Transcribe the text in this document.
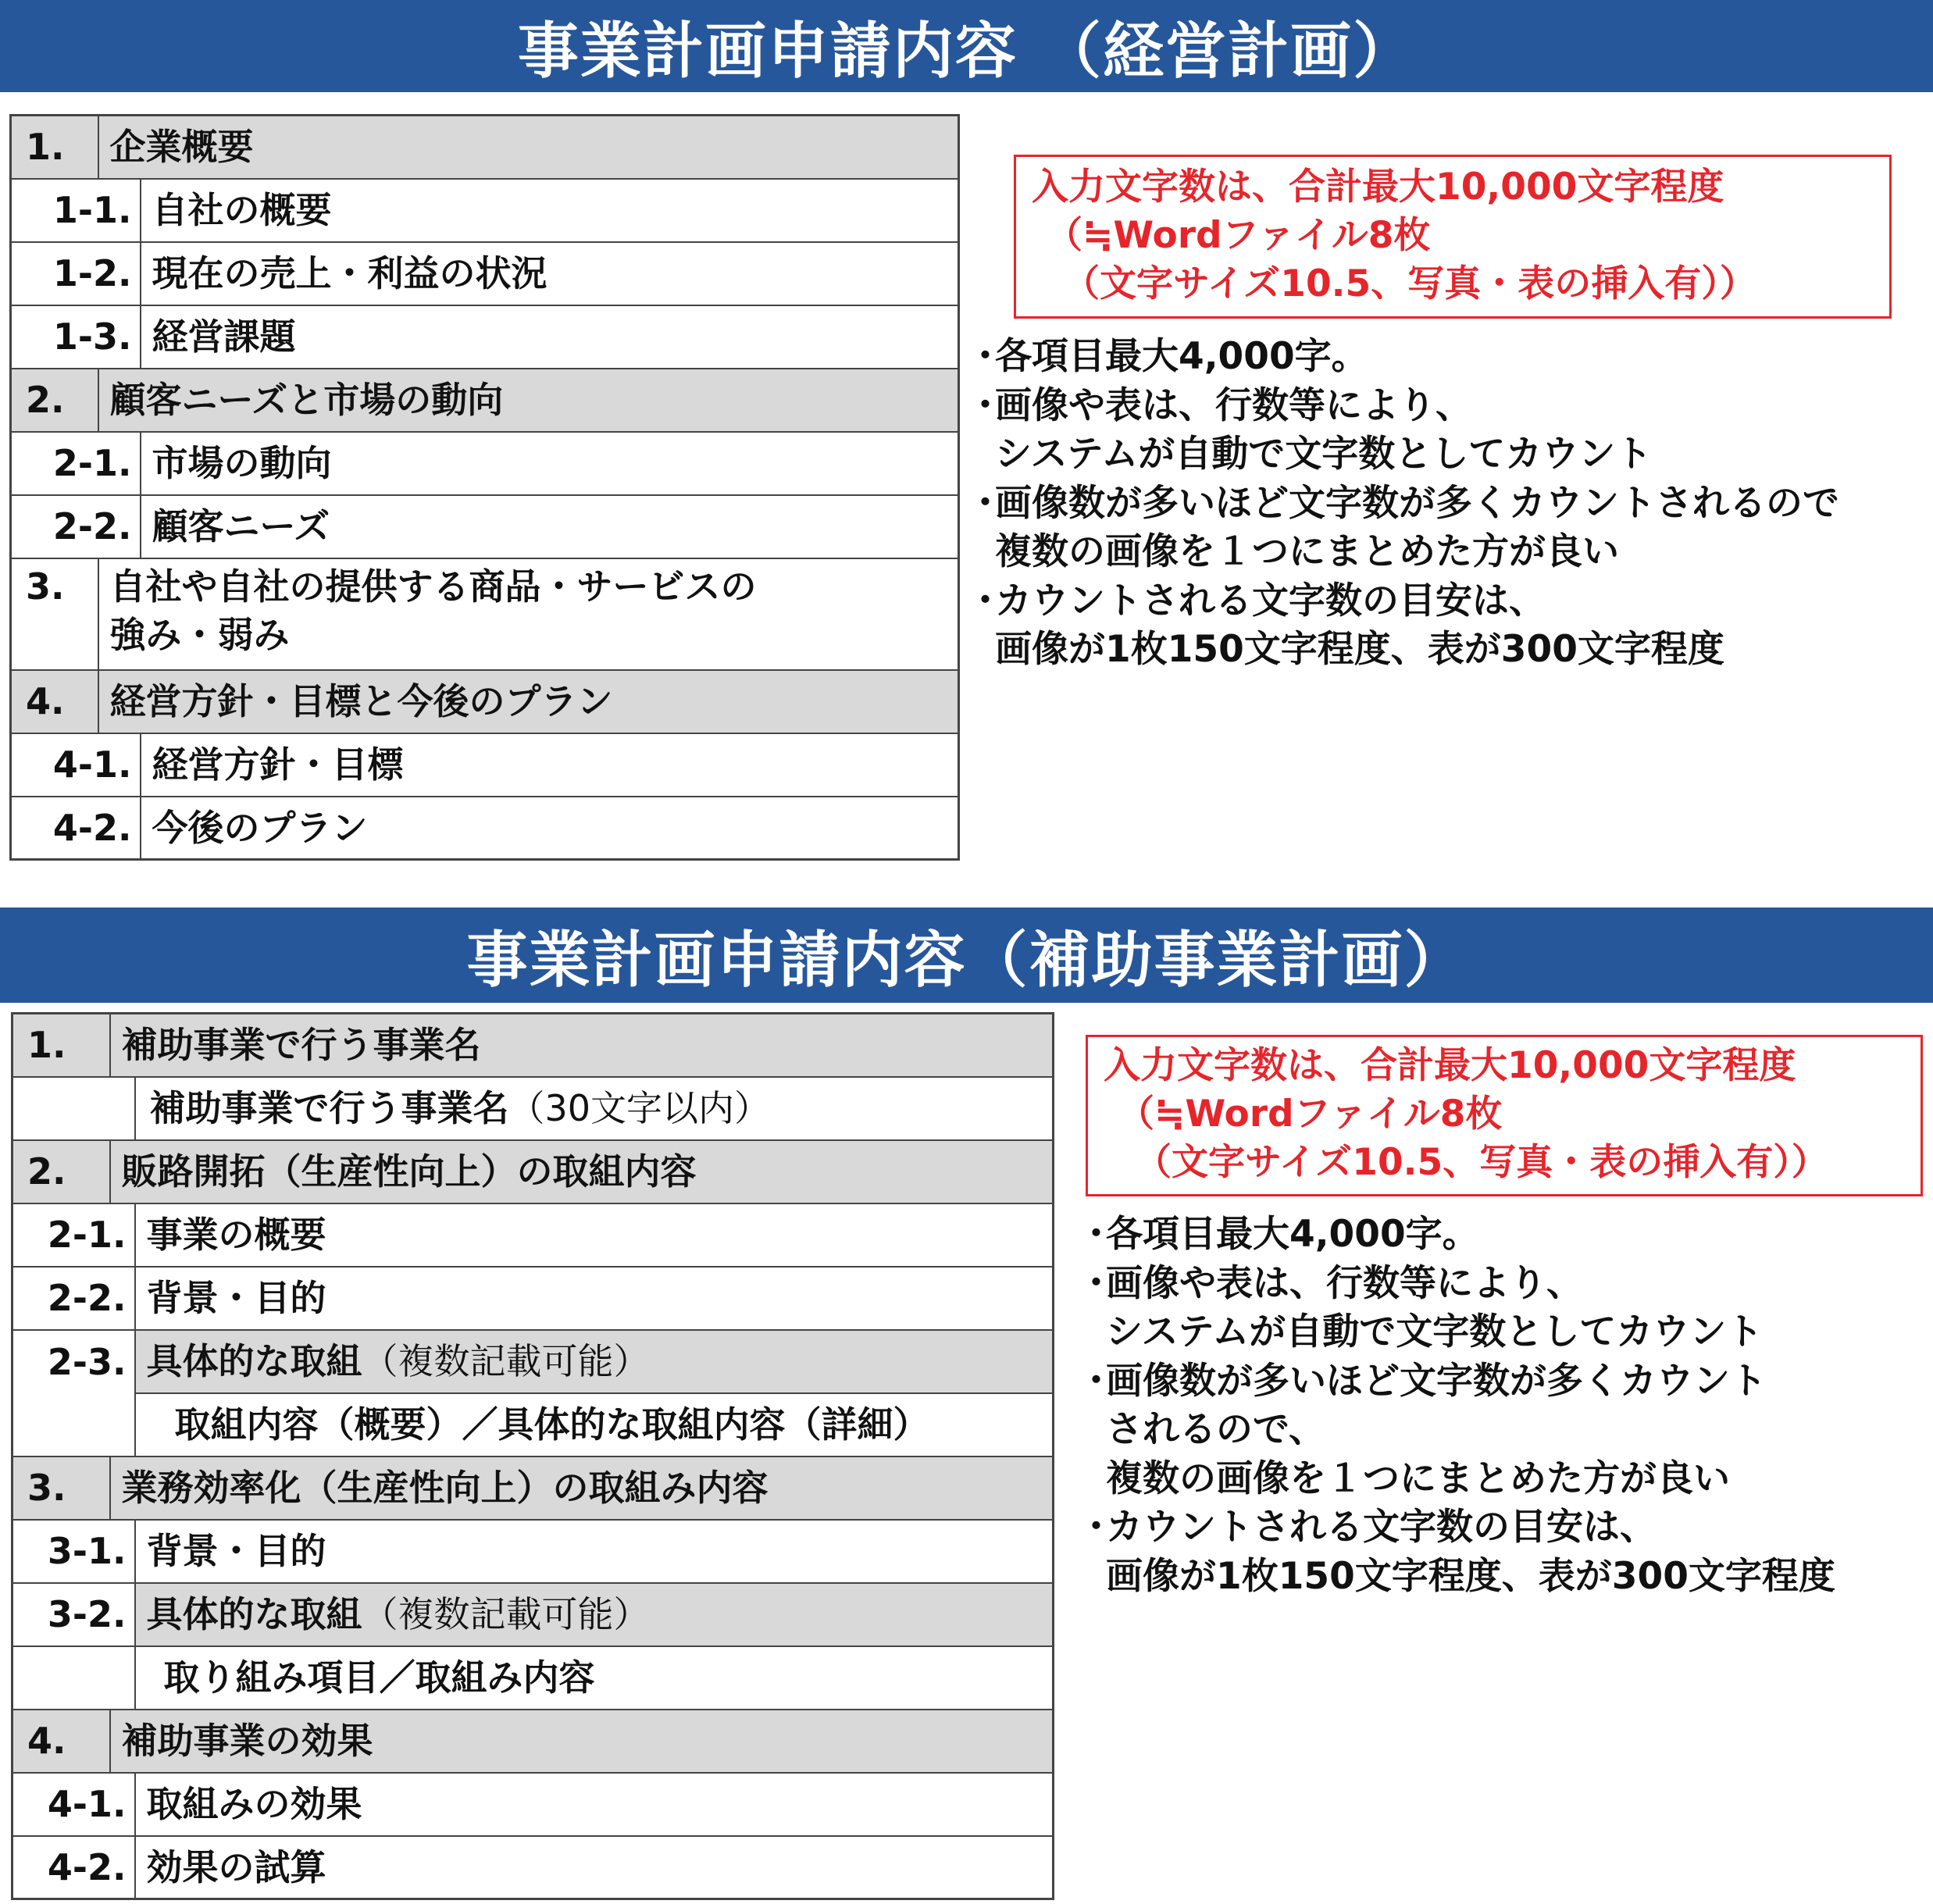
事業計画申請内容 （経営計画）
1.	企業概要	
1-1.		自社の概要
1-2.		現在の売上・利益の状況
1-3.		経営課題
2.	顧客ニーズと市場の動向	
2-1.		市場の動向
2-2.		顧客ニーズ
3.	自社や自社の提供する商品・サービスの
強み・弱み	

4.	経営方針・目標と今後のプラン	
4-1.		経営方針・目標
4-2.		今後のプラン
入力文字数は、合計最大10,000文字程度
（≒Wordファイル8枚
（文字サイズ10.5、写真・表の挿入有））
・各項目最大4,000字。
・画像や表は、行数等により、
システムが自動で文字数としてカウント
・画像数が多いほど文字数が多くカウントされるので
複数の画像を１つにまとめた方が良い
・カウントされる文字数の目安は、
画像が1枚150文字程度、表が300文字程度
事業計画申請内容（補助事業計画）
1.	補助事業で行う事業名	
		補助事業で行う事業名（30文字以内）
2.	販路開拓（生産性向上）の取組内容	
2-1.		事業の概要
2-2.		背景・目的
2-3.		具体的な取組（複数記載可能）
		取組内容（概要）／具体的な取組内容（詳細）
3.	業務効率化（生産性向上）の取組み内容	
3-1.		背景・目的
3-2.		具体的な取組（複数記載可能）
		取り組み項目／取組み内容
4.	補助事業の効果	
4-1.		取組みの効果
4-2.		効果の試算
入力文字数は、合計最大10,000文字程度
（≒Wordファイル8枚
（文字サイズ10.5、写真・表の挿入有））
・各項目最大4,000字。
・画像や表は、行数等により、
システムが自動で文字数としてカウント
・画像数が多いほど文字数が多くカウント
されるので、
複数の画像を１つにまとめた方が良い
・カウントされる文字数の目安は、
画像が1枚150文字程度、表が300文字程度
